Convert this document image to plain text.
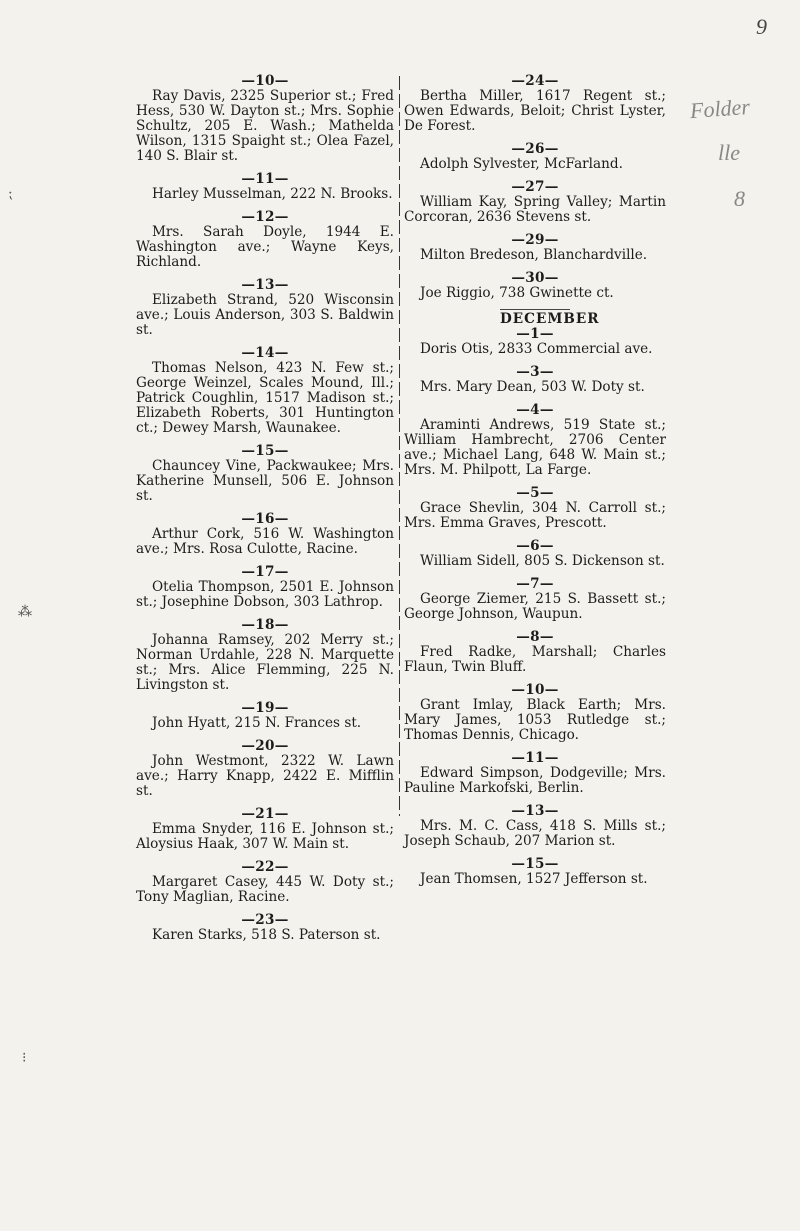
9
Folder
lle
8
⁏
⁂
⁝
—10—
Ray Davis, 2325 Superior st.; Fred Hess, 530 W. Dayton st.; Mrs. Sophie Schultz, 205 E. Wash.; Mathelda Wilson, 1315 Spaight st.; Olea Fazel, 140 S. Blair st.
—11—
Harley Musselman, 222 N. Brooks.
—12—
Mrs. Sarah Doyle, 1944 E. Washington ave.; Wayne Keys, Richland.
—13—
Elizabeth Strand, 520 Wisconsin ave.; Louis Anderson, 303 S. Baldwin st.
—14—
Thomas Nelson, 423 N. Few st.; George Weinzel, Scales Mound, Ill.; Patrick Coughlin, 1517 Madison st.; Elizabeth Roberts, 301 Huntington ct.; Dewey Marsh, Waunakee.
—15—
Chauncey Vine, Packwaukee; Mrs. Katherine Munsell, 506 E. Johnson st.
—16—
Arthur Cork, 516 W. Washington ave.; Mrs. Rosa Culotte, Racine.
—17—
Otelia Thompson, 2501 E. Johnson st.; Josephine Dobson, 303 Lathrop.
—18—
Johanna Ramsey, 202 Merry st.; Norman Urdahle, 228 N. Marquette st.; Mrs. Alice Flemming, 225 N. Livingston st.
—19—
John Hyatt, 215 N. Frances st.
—20—
John Westmont, 2322 W. Lawn ave.; Harry Knapp, 2422 E. Mifflin st.
—21—
Emma Snyder, 116 E. Johnson st.; Aloysius Haak, 307 W. Main st.
—22—
Margaret Casey, 445 W. Doty st.; Tony Maglian, Racine.
—23—
Karen Starks, 518 S. Paterson st.
—24—
Bertha Miller, 1617 Regent st.; Owen Edwards, Beloit; Christ Lyster, De Forest.
—26—
Adolph Sylvester, McFarland.
—27—
William Kay, Spring Valley; Martin Corcoran, 2636 Stevens st.
—29—
Milton Bredeson, Blanchardville.
—30—
Joe Riggio, 738 Gwinette ct.
DECEMBER
—1—
Doris Otis, 2833 Commercial ave.
—3—
Mrs. Mary Dean, 503 W. Doty st.
—4—
Araminti Andrews, 519 State st.; William Hambrecht, 2706 Center ave.; Michael Lang, 648 W. Main st.; Mrs. M. Philpott, La Farge.
—5—
Grace Shevlin, 304 N. Carroll st.; Mrs. Emma Graves, Prescott.
—6—
William Sidell, 805 S. Dickenson st.
—7—
George Ziemer, 215 S. Bassett st.; George Johnson, Waupun.
—8—
Fred Radke, Marshall; Charles Flaun, Twin Bluff.
—10—
Grant Imlay, Black Earth; Mrs. Mary James, 1053 Rutledge st.; Thomas Dennis, Chicago.
—11—
Edward Simpson, Dodgeville; Mrs. Pauline Markofski, Berlin.
—13—
Mrs. M. C. Cass, 418 S. Mills st.; Joseph Schaub, 207 Marion st.
—15—
Jean Thomsen, 1527 Jefferson st.
